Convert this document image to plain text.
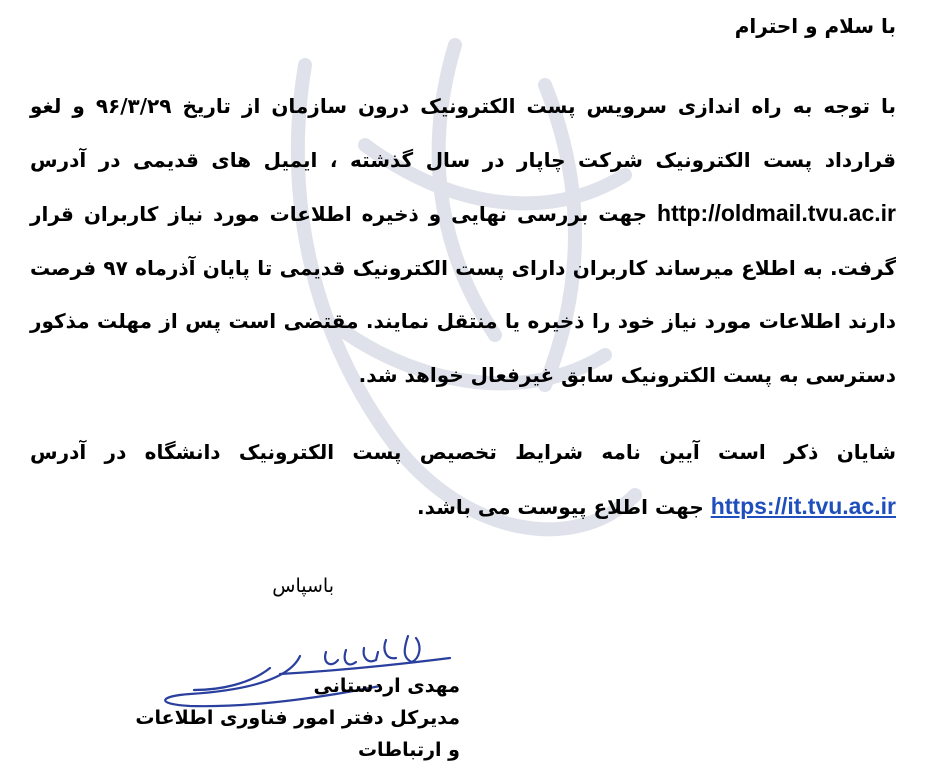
با سلام و احترام

با توجه به راه اندازی سرویس پست الکترونیک درون سازمان از تاریخ ۹۶/۳/۲۹ و لغو قرارداد پست الکترونیک شرکت چاپار در سال گذشته ، ایمیل های قدیمی در آدرس http://oldmail.tvu.ac.ir جهت بررسی نهایی و ذخیره اطلاعات مورد نیاز کاربران قرار گرفت. به اطلاع میرساند کاربران دارای پست الکترونیک قدیمی تا پایان آذرماه ۹۷ فرصت دارند اطلاعات مورد نیاز خود را ذخیره یا منتقل نمایند. مقتضی است پس از مهلت مذکور دسترسی به پست الکترونیک سابق غیرفعال خواهد شد.

شایان ذکر است آیین نامه شرایط تخصیص پست الکترونیک دانشگاه در آدرس https://it.tvu.ac.ir جهت اطلاع پیوست می باشد.

باسپاس

مهدی اردستانی
مدیرکل دفتر امور فناوری اطلاعات
و ارتباطات
